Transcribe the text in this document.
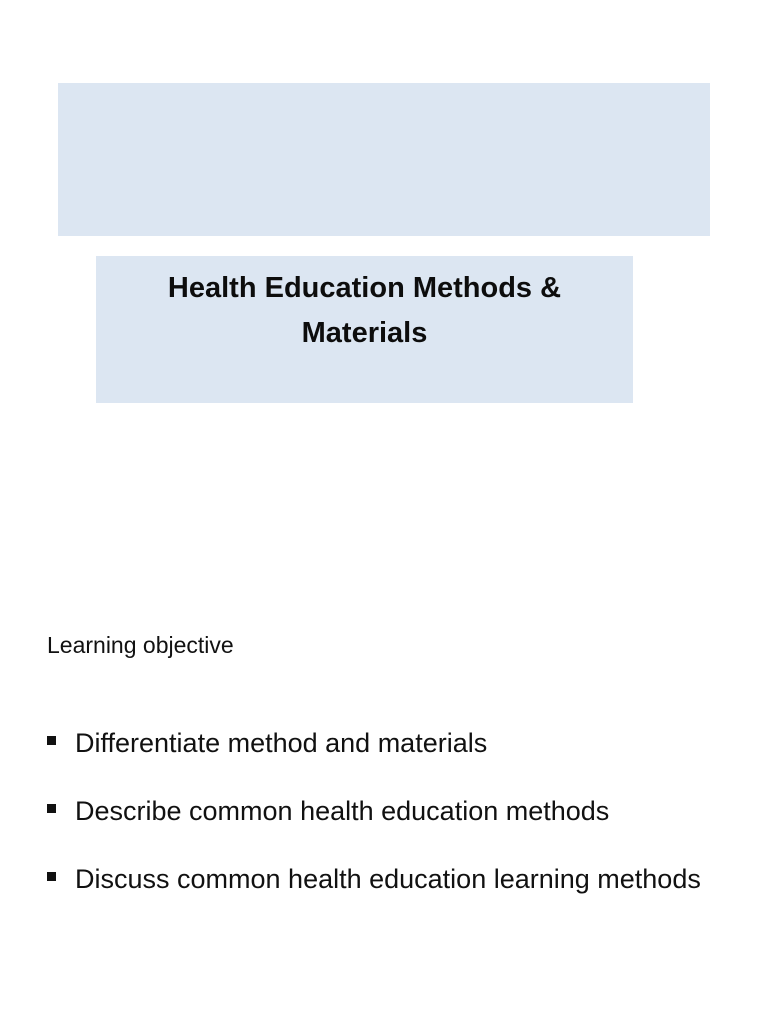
Health Education Methods & Materials
Learning objective
Differentiate method and materials
Describe common health education methods
Discuss common health education learning methods
